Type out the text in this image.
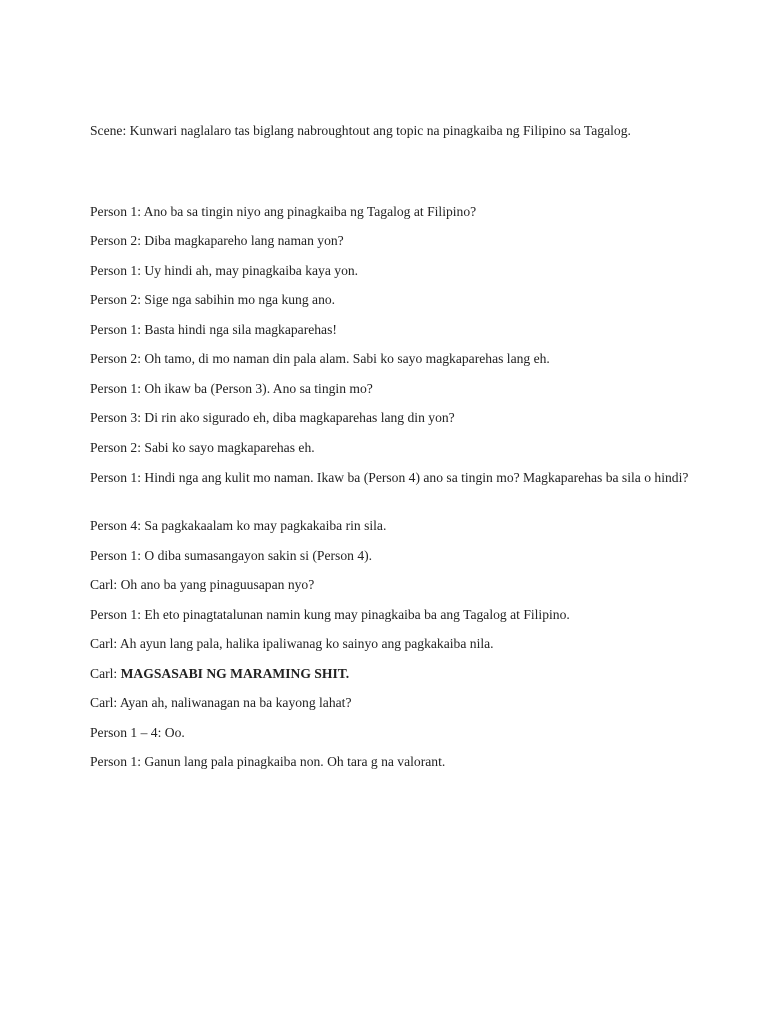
Scene: Kunwari naglalaro tas biglang nabroughtout ang topic na pinagkaiba ng Filipino sa Tagalog.
Person 1: Ano ba sa tingin niyo ang pinagkaiba ng Tagalog at Filipino?
Person 2: Diba magkapareho lang naman yon?
Person 1: Uy hindi ah, may pinagkaiba kaya yon.
Person 2: Sige nga sabihin mo nga kung ano.
Person 1: Basta hindi nga sila magkaparehas!
Person 2: Oh tamo, di mo naman din pala alam. Sabi ko sayo magkaparehas lang eh.
Person 1: Oh ikaw ba (Person 3). Ano sa tingin mo?
Person 3: Di rin ako sigurado eh, diba magkaparehas lang din yon?
Person 2: Sabi ko sayo magkaparehas eh.
Person 1: Hindi nga ang kulit mo naman. Ikaw ba (Person 4) ano sa tingin mo? Magkaparehas ba sila o hindi?
Person 4: Sa pagkakaalam ko may pagkakaiba rin sila.
Person 1: O diba sumasangayon sakin si (Person 4).
Carl: Oh ano ba yang pinaguusapan nyo?
Person 1: Eh eto pinagtatalunan namin kung may pinagkaiba ba ang Tagalog at Filipino.
Carl: Ah ayun lang pala, halika ipaliwanag ko sainyo ang pagkakaiba nila.
Carl: MAGSASABI NG MARAMING SHIT.
Carl: Ayan ah, naliwanagan na ba kayong lahat?
Person 1 – 4: Oo.
Person 1: Ganun lang pala pinagkaiba non. Oh tara g na valorant.
